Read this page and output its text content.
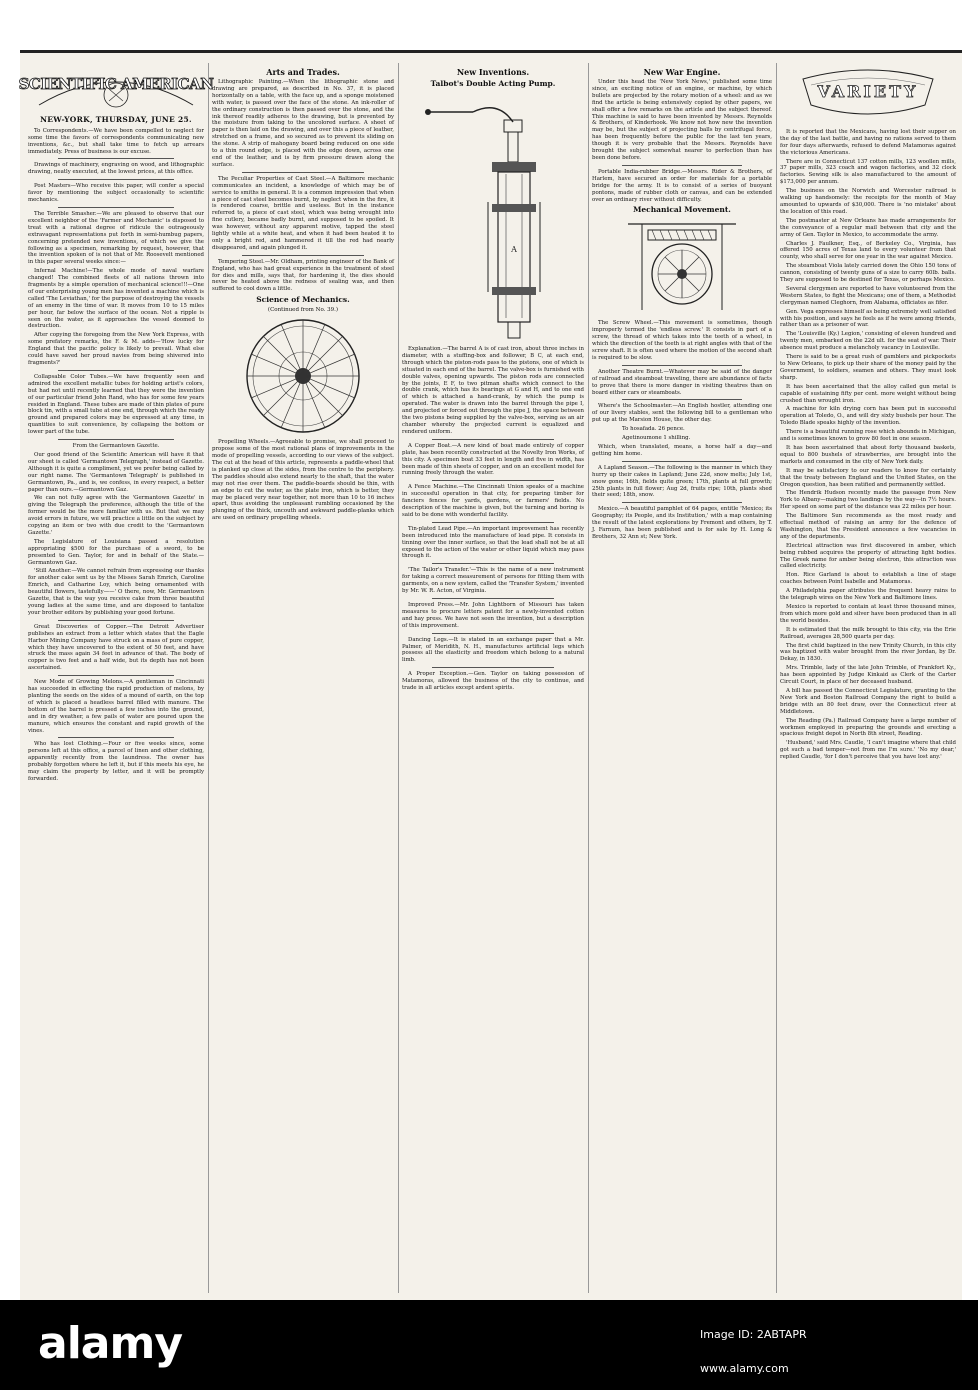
SCIENTIFIC AMERICAN
NEW-YORK, THURSDAY, JUNE 25.

To Correspondents.—We have been compelled to neglect for some time the favors of correspondents communicating new inventions, &c., but shall take time to fetch up arrears immediately. Press of business is our excuse.

Drawings of machinery, engraving on wood, and lithographic drawing, neatly executed, at the lowest prices, at this office.

Post Masters—Who receive this paper, will confer a special favor by mentioning the subject occasionally to scientific mechanics.

The Terrible Smasher.—We are pleased to observe that our excellent neighbor of the 'Farmer and Mechanic' is disposed to treat with a rational degree of ridicule the outrageously extravagant representations put forth in semi-humbug papers, concerning pretended new inventions, of which we give the following as a specimen, remarking by request, however, that the invention spoken of is not that of Mr. Roosevelt mentioned in this paper several weeks since:—

Infernal Machine!—The whole mode of naval warfare changed! The combined fleets of all nations thrown into fragments by a simple operation of mechanical science!!!—One of our enterprising young men has invented a machine which is called 'The Leviathan,' for the purpose of destroying the vessels of an enemy in the time of war. It moves from 10 to 15 miles per hour, far below the surface of the ocean. Not a ripple is seen on the water, as it approaches the vessel doomed to destruction.

After copying the foregoing from the New York Express, with some prefatory remarks, the F. & M. adds—'How lucky for England that the pacific policy is likely to prevail. What else could have saved her proud navies from being shivered into fragments?'

Collapsable Color Tubes.—We have frequently seen and admired the excellent metallic tubes for holding artist's colors, but had not until recently learned that they were the invention of our particular friend John Rand, who has for some few years resided in England. These tubes are made of thin plates of pure block tin, with a small tube at one end, through which the ready ground and prepared colors may be expressed at any time, in quantities to suit convenience, by collapsing the bottom or lower part of the tube.

From the Germantown Gazette.

Our good friend of the Scientific American will have it that our sheet is called 'Germantown Telegraph,' instead of Gazette. Although it is quite a compliment, yet we prefer being called by our right name. The 'Germantown Telegraph' is published in Germantown, Pa., and is, we confess, in every respect, a better paper than ours.—Germantown Gaz.

We can not fully agree with the 'Germantown Gazette' in giving the Telegraph the preference, although the title of the former would be the more familiar with us. But that we may avoid errors in future, we will practice a little on the subject by copying an item or two with due credit to the 'Germantown Gazette.'

The Legislature of Louisiana passed a resolution appropriating $500 for the purchase of a sword, to be presented to Gen. Taylor, for and in behalf of the State.—Germantown Gaz.

'Still Another.—We cannot refrain from expressing our thanks for another cake sent us by the Misses Sarah Emrich, Caroline Emrich, and Catharine Loy, which being ornamented with beautiful flowers, tastefully——' O there, now, Mr. Germantown Gazette, that is the way you receive cake from three beautiful young ladies at the same time, and are disposed to tantalize your brother editors by publishing your good fortune.

Great Discoveries of Copper.—The Detroit Advertiser publishes an extract from a letter which states that the Eagle Harbor Mining Company have struck on a mass of pure copper, which they have uncovered to the extent of 50 feet, and have struck the mass again 34 feet in advance of that. The body of copper is two feet and a half wide, but its depth has not been ascertained.

New Mode of Growing Melons.—A gentleman in Cincinnati has succeeded in effecting the rapid production of melons, by planting the seeds on the sides of a mound of earth, on the top of which is placed a headless barrel filled with manure. The bottom of the barrel is pressed a few inches into the ground, and in dry weather, a few pails of water are poured upon the manure, which ensures the constant and rapid growth of the vines.

Who has lost Clothing.—Four or five weeks since, some persons left at this office, a parcel of linen and other clothing, apparently recently from the laundress. The owner has probably forgotten where he left it, but if this meets his eye, he may claim the property by letter, and it will be promptly forwarded.

Arts and Trades.

Lithographic Painting.—When the lithographic stone and drawing are prepared, as described in No. 37, it is placed horizontally on a table, with the face up, and a sponge moistened with water, is passed over the face of the stone. An ink-roller of the ordinary construction is then passed over the stone, and the ink thereof readily adheres to the drawing, but is prevented by the moisture from taking to the uncolored surface. A sheet of paper is then laid on the drawing, and over this a piece of leather, stretched on a frame, and so secured as to prevent its sliding on the stone. A strip of mahogany board being reduced on one side to a thin round edge, is placed with the edge down, across one end of the leather, and is by firm pressure drawn along the surface.

The Peculiar Properties of Cast Steel.—A Baltimore mechanic communicates an incident, a knowledge of which may be of service to smiths in general. It is a common impression that when a piece of cast steel becomes burnt, by neglect when in the fire, it is rendered coarse, brittle and useless. But in the instance referred to, a piece of cast steel, which was being wrought into fine cutlery, became badly burnt, and supposed to be spoiled. It was however, without any apparent motive, tapped the steel lightly while at a white heat, and when it had been heated it to only a bright red, and hammered it till the red had nearly disappeared, and again plunged it.

Tempering Steel.—Mr. Oldham, printing engineer of the Bank of England, who has had great experience in the treatment of steel for dies and mills, says that, for hardening it, the dies should never be heated above the redness of sealing wax, and then suffered to cool down a little.

Science of Mechanics.
(Continued from No. 39.)

Propelling Wheels.—Agreeable to promise, we shall proceed to propose some of the most rational plans of improvements in the mode of propelling vessels, according to our views of the subject. The cut at the head of this article, represents a paddle-wheel that is planked up close at the sides, from the centre to the periphery. The paddles should also extend nearly to the shaft, that the water may not rise over them. The paddle-boards should be thin, with an edge to cut the water, as the plate iron, which is better, they may be placed very near together, not more than 10 to 16 inches apart, thus avoiding the unpleasant rumbling occasioned by the plunging of the thick, uncouth and awkward paddle-planks which are used on ordinary propelling wheels.

New Inventions.
Talbot's Double Acting Pump.
A

Explanation.—The barrel A is of cast iron, about three inches in diameter, with a stuffing-box and follower, B C, at each end, through which the piston-rods pass to the pistons, one of which is situated in each end of the barrel. The valve-box is furnished with double valves, opening upwards. The piston rods are connected by the joints, E F, to two pitman shafts which connect to the double crank, which has its bearings at G and H, and to one end of which is attached a hand-crank, by which the pump is operated. The water is drawn into the barrel through the pipe I, and projected or forced out through the pipe J, the space between the two pistons being supplied by the valve-box, serving as an air chamber whereby the projected current is equalized and rendered uniform.

A Copper Boat.—A new kind of boat made entirely of copper plate, has been recently constructed at the Novelty Iron Works, of this city. A specimen boat 33 feet in length and five in width, has been made of thin sheets of copper, and on an excellent model for running freely through the water.

A Fence Machine.—The Cincinnati Union speaks of a machine in successful operation in that city, for preparing timber for fanciers fences for yards, gardens, or farmers' fields. No description of the machine is given, but the turning and boring is said to be done with wonderful facility.

Tin-plated Lead Pipe.—An important improvement has recently been introduced into the manufacture of lead pipe. It consists in tinning over the inner surface, so that the lead shall not be at all exposed to the action of the water or other liquid which may pass through it.

'The Tailor's Transfer.'—This is the name of a new instrument for taking a correct measurement of persons for fitting them with garments, on a new system, called the 'Transfer System,' invented by Mr. W. R. Acton, of Virginia.

Improved Press.—Mr. John Lightborn of Missouri has taken measures to procure letters patent for a newly-invented cotton and hay press. We have not seen the invention, but a description of this improvement.

Dancing Legs.—It is stated in an exchange paper that a Mr. Palmer, of Meridith, N. H., manufactures artificial legs which possess all the elasticity and freedom which belong to a natural limb.

A Proper Exception.—Gen. Taylor on taking possession of Matamoras, allowed the business of the city to continue, and trade in all articles except ardent spirits.

New War Engine.

Under this head the 'New York News,' published some time since, an exciting notice of an engine, or machine, by which bullets are projected by the rotary motion of a wheel: and as we find the article is being extensively copied by other papers, we shall offer a few remarks on the article and the subject thereof. This machine is said to have been invented by Messrs. Reynolds & Brothers, of Kinderhook. We know not how new the invention may be, but the subject of projecting balls by centrifugal force, has been frequently before the public for the last ten years, though it is very probable that the Messrs. Reynolds have brought the subject somewhat nearer to perfection than has been done before.

Portable India-rubber Bridge.—Messrs. Rider & Brothers, of Harlem, have secured an order for materials for a portable bridge for the army. It is to consist of a series of buoyant pontons, made of rubber cloth or canvas, and can be extended over an ordinary river without difficulty.

Mechanical Movement.

The Screw Wheel.—This movement is sometimes, though improperly termed the 'endless screw.' It consists in part of a screw, the thread of which takes into the teeth of a wheel, in which the direction of the teeth is at right angles with that of the screw shaft. It is often used where the motion of the second shaft is required to be slow.

Another Theatre Burnt.—Whatever may be said of the danger of railroad and steamboat traveling, there are abundance of facts to prove that there is more danger in visiting theatres than on board either cars or steamboats.

Where's the Schoolmaster.—An English hostler, attending one of our livery stables, sent the following bill to a gentleman who put up at the Marsion House, the other day.

To hosafada. 26 pence.

Agetinoumone 1 shilling.

Which, when translated, means, a horse half a day—and getting him home.

A Lapland Season.—The following is the manner in which they hurry up their cakes in Lapland; June 22d, snow melts; July 1st, snow gone; 16th, fields quite green; 17th, plants at full growth; 25th plants in full flower; Aug 2d, fruits ripe; 10th, plants shed their seed; 18th, snow.

Mexico.—A beautiful pamphlet of 64 pages, entitle 'Mexico; its Geography; its People, and its Institution,' with a map containing the result of the latest explorations by Fremont and others, by T. J. Farnum, has been published and is for sale by H. Long & Brothers, 32 Ann st; New York.

VARIETY

It is reported that the Mexicans, having lost their supper on the day of the last battle, and having no rations served to them for four days afterwards, refused to defend Matamoras against the victorious Americans.

There are in Connecticut 137 cotton mills, 123 woollen mills, 37 paper mills, 323 coach and wagon factories, and 32 clock factories. Sewing silk is also manufactured to the amount of $173,000 per annum.

The business on the Norwich and Worcester railroad is walking up handsomely: the receipts for the month of May amounted to upwards of $30,000. There is 'no mistake' about the location of this road.

The postmaster at New Orleans has made arrangements for the conveyance of a regular mail between that city and the army of Gen. Taylor in Mexico, to accommodate the army.

Charles J. Faulkner, Esq., of Berkeley Co., Virginia, has offered 150 acres of Texas land to every volunteer from that county, who shall serve for one year in the war against Mexico.

The steamboat Viola lately carried down the Ohio 150 tons of cannon, consisting of twenty guns of a size to carry 60lb. balls. They are supposed to be destined for Texas, or perhaps Mexico.

Several clergymen are reported to have volunteered from the Western States, to fight the Mexicans; one of them, a Methodist clergyman named Cleghorn, from Alabama, officiates as fifer.

Gen. Vega expresses himself as being extremely well satisfied with his position, and says he feels as if he were among friends, rather than as a prisoner of war.

The 'Louisville (Ky.) Legion,' consisting of eleven hundred and twenty men, embarked on the 22d ult. for the seat of war. Their absence must produce a melancholy vacancy in Louisville.

There is said to be a great rush of gamblers and pickpockets to New Orleans, to pick up their share of the money paid by the Government, to soldiers, seamen and others. They must look sharp.

It has been ascertained that the alloy called gun metal is capable of sustaining fifty per cent. more weight without being crushed than wrought iron.

A machine for kiln drying corn has been put in successful operation at Toledo, O., and will dry sixty bushels per hour. The Toledo Blade speaks highly of the invention.

There is a beautiful running rose which abounds in Michigan, and is sometimes known to grow 80 feet in one season.

It has been ascertained that about forty thousand baskets, equal to 800 bushels of strawberries, are brought into the markets and consumed in the city of New York daily.

It may be satisfactory to our readers to know for certainty that the treaty between England and the United States, on the Oregon question, has been ratified and permanently settled.

The Hendrik Hudson recently made the passage from New York to Albany—making two landings by the way—in 7½ hours. Her speed on some part of the distance was 22 miles per hour.

The Baltimore Sun recommends as the most ready and effectual method of raising an army for the defence of Washington, that the President announce a few vacancies in any of the departments.

Electrical attraction was first discovered in amber, which being rubbed acquires the property of attracting light bodies. The Greek name for amber being electron, this attraction was called electricity.

Hon. Rice Garland is about to establish a line of stage coaches between Point Isabelle and Matamoras.

A Philadelphia paper attributes the frequent heavy rains to the telegraph wires on the New York and Baltimore lines.

Mexico is reported to contain at least three thousand mines, from which more gold and silver have been produced than in all the world besides.

It is estimated that the milk brought to this city, via the Erie Railroad, averages 28,500 quarts per day.

The first child baptized in the new Trinity Church, in this city was baptized with water brought from the river Jordan, by Dr. Dekay, in 1830.

Mrs. Trimble, lady of the late John Trimble, of Frankfort Ky., has been appointed by Judge Kinkaid as Clerk of the Carter Circuit Court, in place of her deceased husband.

A bill has passed the Connecticut Legislature, granting to the New York and Boston Railroad Company the right to build a bridge with an 80 feet draw, over the Connecticut river at Middletown.

The Reading (Pa.) Railroad Company have a large number of workmen employed in preparing the grounds and erecting a spacious freight depot in North 8th street, Reading.

'Husband,' said Mrs. Caudle, 'I can't imagine where that child got such a bad temper—not from me I'm sure.' 'No my dear,' replied Caudle, 'for I don't perceive that you have lost any.'

alamy	Image ID: 2ABTAPR
www.alamy.com
